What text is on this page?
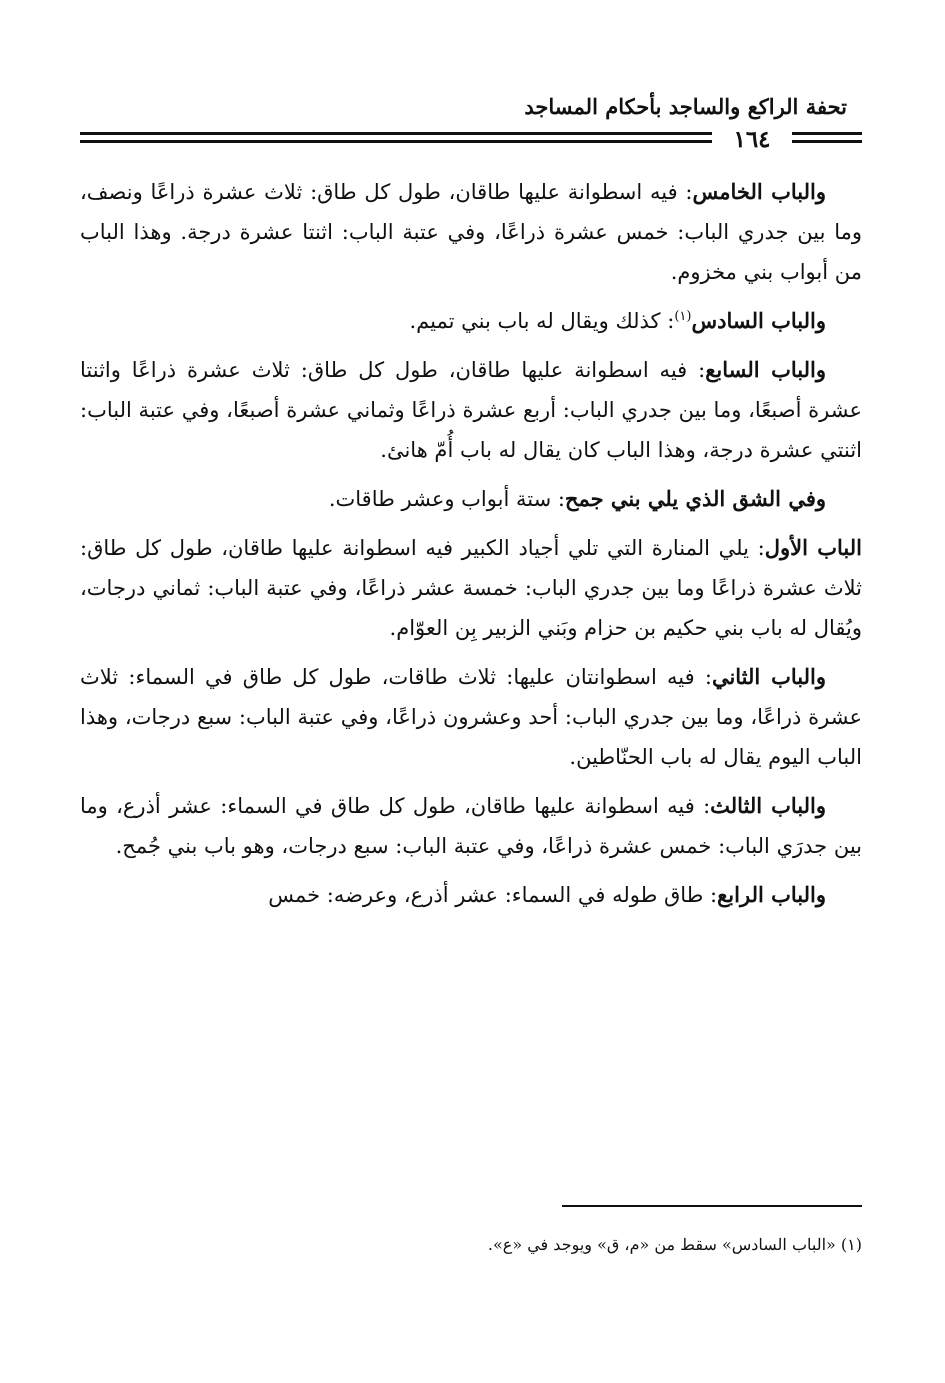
تحفة الراكع والساجد بأحكام المساجد
١٦٤

والباب الخامس: فيه اسطوانة عليها طاقان، طول كل طاق: ثلاث عشرة ذراعًا ونصف، وما بين جدري الباب: خمس عشرة ذراعًا، وفي عتبة الباب: اثنتا عشرة درجة. وهذا الباب من أبواب بني مخزوم.

والباب السادس$^{(١)}$: كذلك ويقال له باب بني تميم.

والباب السابع: فيه اسطوانة عليها طاقان، طول كل طاق: ثلاث عشرة ذراعًا واثنتا عشرة أصبعًا، وما بين جدري الباب: أربع عشرة ذراعًا وثماني عشرة أصبعًا، وفي عتبة الباب: اثنتي عشرة درجة، وهذا الباب كان يقال له باب أُمّ هانئ.

وفي الشق الذي يلي بني جمح: ستة أبواب وعشر طاقات.

الباب الأول: يلي المنارة التي تلي أجياد الكبير فيه اسطوانة عليها طاقان، طول كل طاق: ثلاث عشرة ذراعًا وما بين جدري الباب: خمسة عشر ذراعًا، وفي عتبة الباب: ثماني درجات، ويُقال له باب بني حكيم بن حزام وبَني الزبير بِن العوّام.

والباب الثاني: فيه اسطوانتان عليها: ثلاث طاقات، طول كل طاق في السماء: ثلاث عشرة ذراعًا، وما بين جدري الباب: أحد وعشرون ذراعًا، وفي عتبة الباب: سبع درجات، وهذا الباب اليوم يقال له باب الحنّاطين.

والباب الثالث: فيه اسطوانة عليها طاقان، طول كل طاق في السماء: عشر أذرع، وما بين جدرَي الباب: خمس عشرة ذراعًا، وفي عتبة الباب: سبع درجات، وهو باب بني جُمح.

والباب الرابع: طاق طوله في السماء: عشر أذرع، وعرضه: خمس

(١) «الباب السادس» سقط من «م، ق» ويوجد في «ع».
